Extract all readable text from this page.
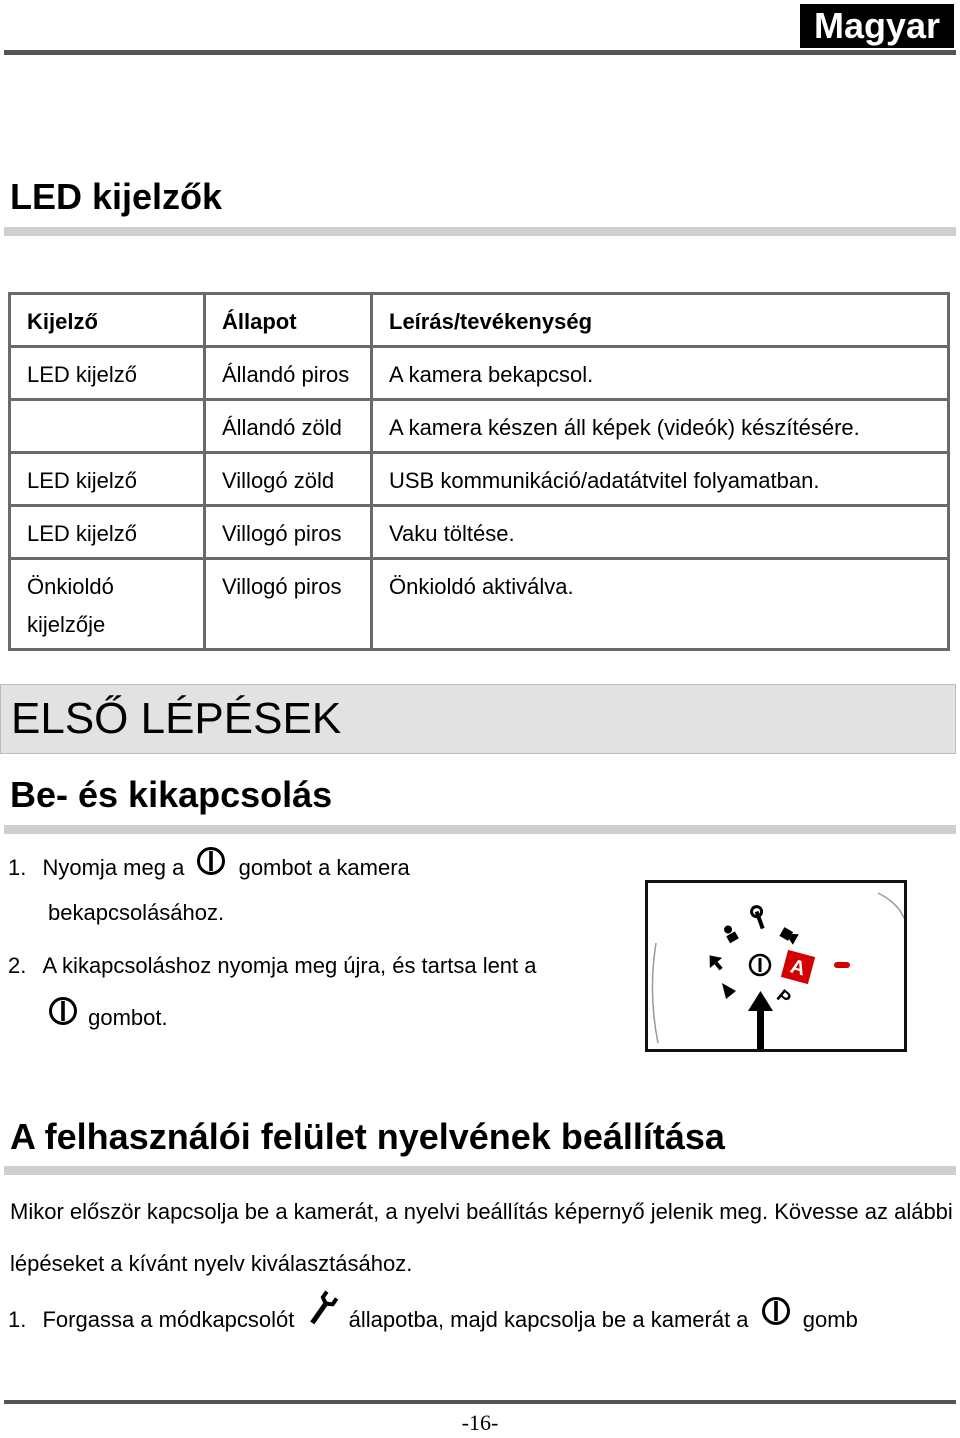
Magyar
LED kijelzők
Kijelző	Állapot	Leírás/tevékenység
LED kijelző	Állandó piros	A kamera bekapcsol.
	Állandó zöld	A kamera készen áll képek (videók) készítésére.
LED kijelző	Villogó zöld	USB kommunikáció/adatátvitel folyamatban.
LED kijelző	Villogó piros	Vaku töltése.
Önkioldó kijelzője	Villogó piros	Önkioldó aktiválva.
ELSŐ LÉPÉSEK
Be- és kikapcsolás
1. Nyomja meg a gombot a kamera
bekapcsolásához.
2. A kikapcsoláshoz nyomja meg újra, és tartsa lent a
gombot.
A
P
A felhasználói felület nyelvének beállítása
Mikor először kapcsolja be a kamerát, a nyelvi beállítás képernyő jelenik meg. Kövesse az alábbi lépéseket a kívánt nyelv kiválasztásához.
1. Forgassa a módkapcsolót állapotba, majd kapcsolja be a kamerát a gomb
-16-
